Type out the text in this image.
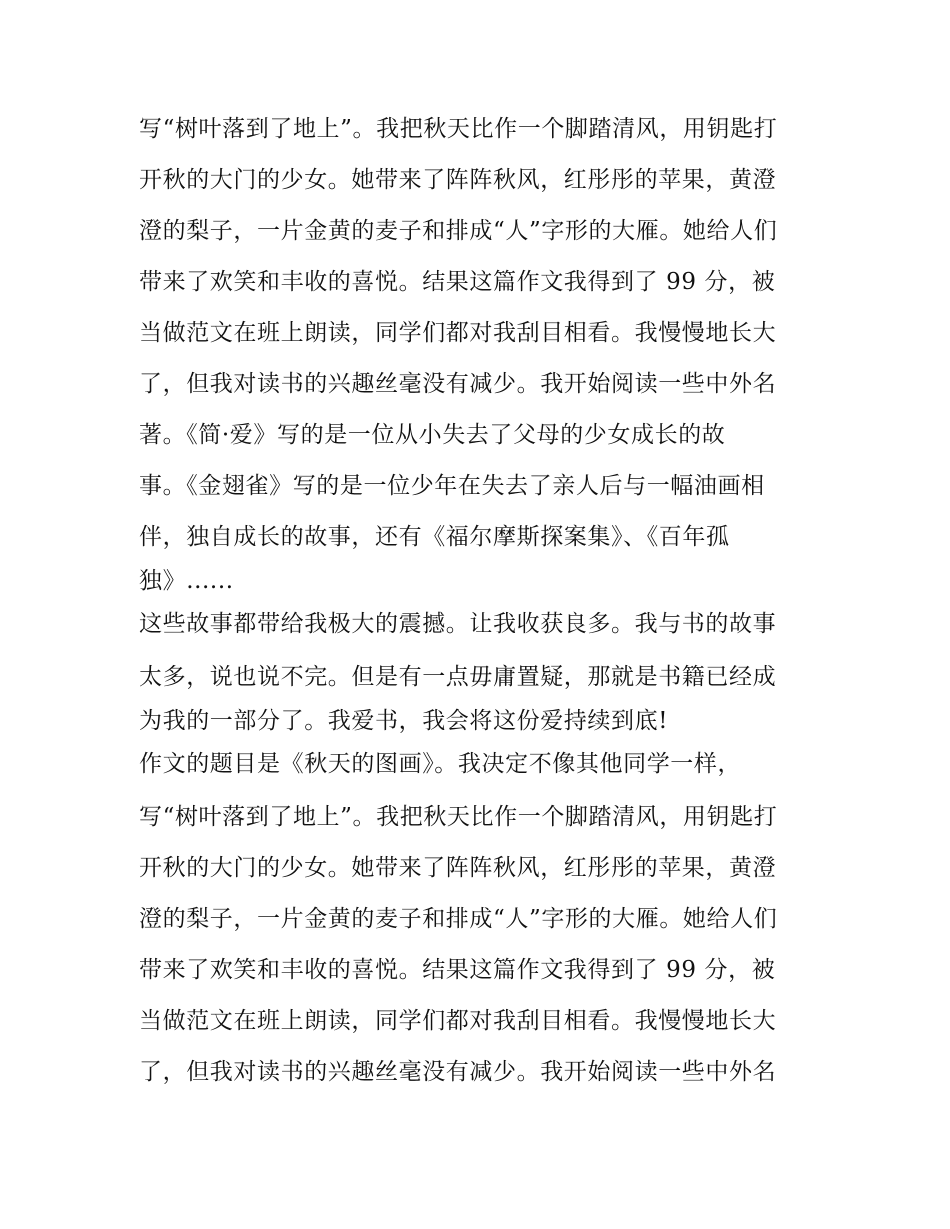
写“树叶落到了地上”。我把秋天比作一个脚踏清风，用钥匙打
开秋的大门的少女。她带来了阵阵秋风，红彤彤的苹果，黄澄
澄的梨子，一片金黄的麦子和排成“人”字形的大雁。她给人们
带来了欢笑和丰收的喜悦。结果这篇作文我得到了 99 分，被
当做范文在班上朗读，同学们都对我刮目相看。我慢慢地长大
了，但我对读书的兴趣丝毫没有减少。我开始阅读一些中外名
著。《简·爱》写的是一位从小失去了父母的少女成长的故
事。《金翅雀》写的是一位少年在失去了亲人后与一幅油画相
伴，独自成长的故事，还有《福尔摩斯探案集》、《百年孤
独》......
这些故事都带给我极大的震撼。让我收获良多。我与书的故事
太多，说也说不完。但是有一点毋庸置疑，那就是书籍已经成
为我的一部分了。我爱书，我会将这份爱持续到底!
作文的题目是《秋天的图画》。我决定不像其他同学一样，
写“树叶落到了地上”。我把秋天比作一个脚踏清风，用钥匙打
开秋的大门的少女。她带来了阵阵秋风，红彤彤的苹果，黄澄
澄的梨子，一片金黄的麦子和排成“人”字形的大雁。她给人们
带来了欢笑和丰收的喜悦。结果这篇作文我得到了 99 分，被
当做范文在班上朗读，同学们都对我刮目相看。我慢慢地长大
了，但我对读书的兴趣丝毫没有减少。我开始阅读一些中外名
